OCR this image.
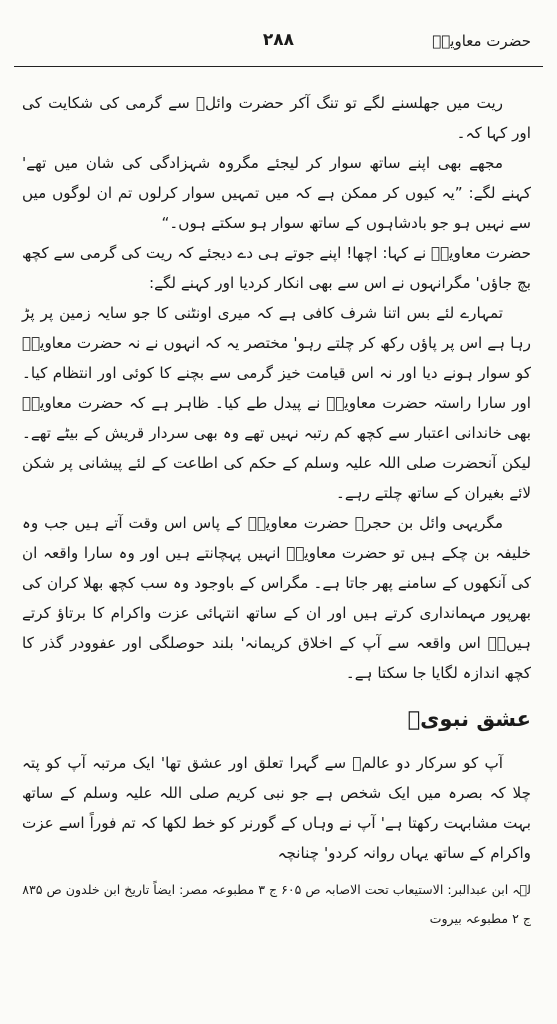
حضرت معاویہؓ
۲۸۸

ریت میں جھلسنے لگے تو تنگ آکر حضرت وائلؓ سے گرمی کی شکایت کی اور کہا کہ۔

مجھے بھی اپنے ساتھ سوار کر لیجئے مگروہ شہزادگی کی شان میں تھے' کہنے لگے: ”یہ کیوں کر ممکن ہے کہ میں تمہیں سوار کرلوں تم ان لوگوں میں سے نہیں ہو جو بادشاہوں کے ساتھ سوار ہو سکتے ہوں۔“

حضرت معاویہؓ نے کہا: اچھا! اپنے جوتے ہی دے دیجئے کہ ریت کی گرمی سے کچھ بچ جاؤں' مگرانہوں نے اس سے بھی انکار کردیا اور کہنے لگے:

تمہارے لئے بس اتنا شرف کافی ہے کہ میری اونٹنی کا جو سایہ زمین پر پڑ رہا ہے اس پر پاؤں رکھ کر چلتے رہو' مختصر یہ کہ انہوں نے نہ حضرت معاویہؓ کو سوار ہونے دیا اور نہ اس قیامت خیز گرمی سے بچنے کا کوئی اور انتظام کیا۔ اور سارا راستہ حضرت معاویہؓ نے پیدل طے کیا۔ ظاہر ہے کہ حضرت معاویہؓ بھی خاندانی اعتبار سے کچھ کم رتبہ نہیں تھے وہ بھی سردار قریش کے بیٹے تھے۔ لیکن آنحضرت صلی اللہ علیہ وسلم کے حکم کی اطاعت کے لئے پیشانی پر شکن لائے بغیران کے ساتھ چلتے رہے۔

مگریہی وائل بن حجرؓ حضرت معاویہؓ کے پاس اس وقت آتے ہیں جب وہ خلیفہ بن چکے ہیں تو حضرت معاویہؓ انہیں پہچانتے ہیں اور وہ سارا واقعہ ان کی آنکھوں کے سامنے پھر جاتا ہے۔ مگراس کے باوجود وہ سب کچھ بھلا کران کی بھرپور مہمانداری کرتے ہیں اور ان کے ساتھ انتہائی عزت واکرام کا برتاؤ کرتے ہیں۔ؔ اس واقعہ سے آپ کے اخلاق کریمانہ' بلند حوصلگی اور عفوودر گذر کا کچھ اندازہ لگایا جا سکتا ہے۔

عشق نبویؐ

آپ کو سرکار دو عالمؐ سے گہرا تعلق اور عشق تھا' ایک مرتبہ آپ کو پتہ چلا کہ بصرہ میں ایک شخص ہے جو نبی کریم صلی اللہ علیہ وسلم کے ساتھ بہت مشابہت رکھتا ہے' آپ نے وہاں کے گورنر کو خط لکھا کہ تم فوراً اسے عزت واکرام کے ساتھ یہاں روانہ کردو' چنانچہ

لؔہ ابن عبدالبر: الاستیعاب تحت الاصابہ ص ۶۰۵ ج ۳ مطبوعہ مصر: ایضاً تاریخ ابن خلدون ص ۸۳۵

ج ۲ مطبوعہ بیروت
